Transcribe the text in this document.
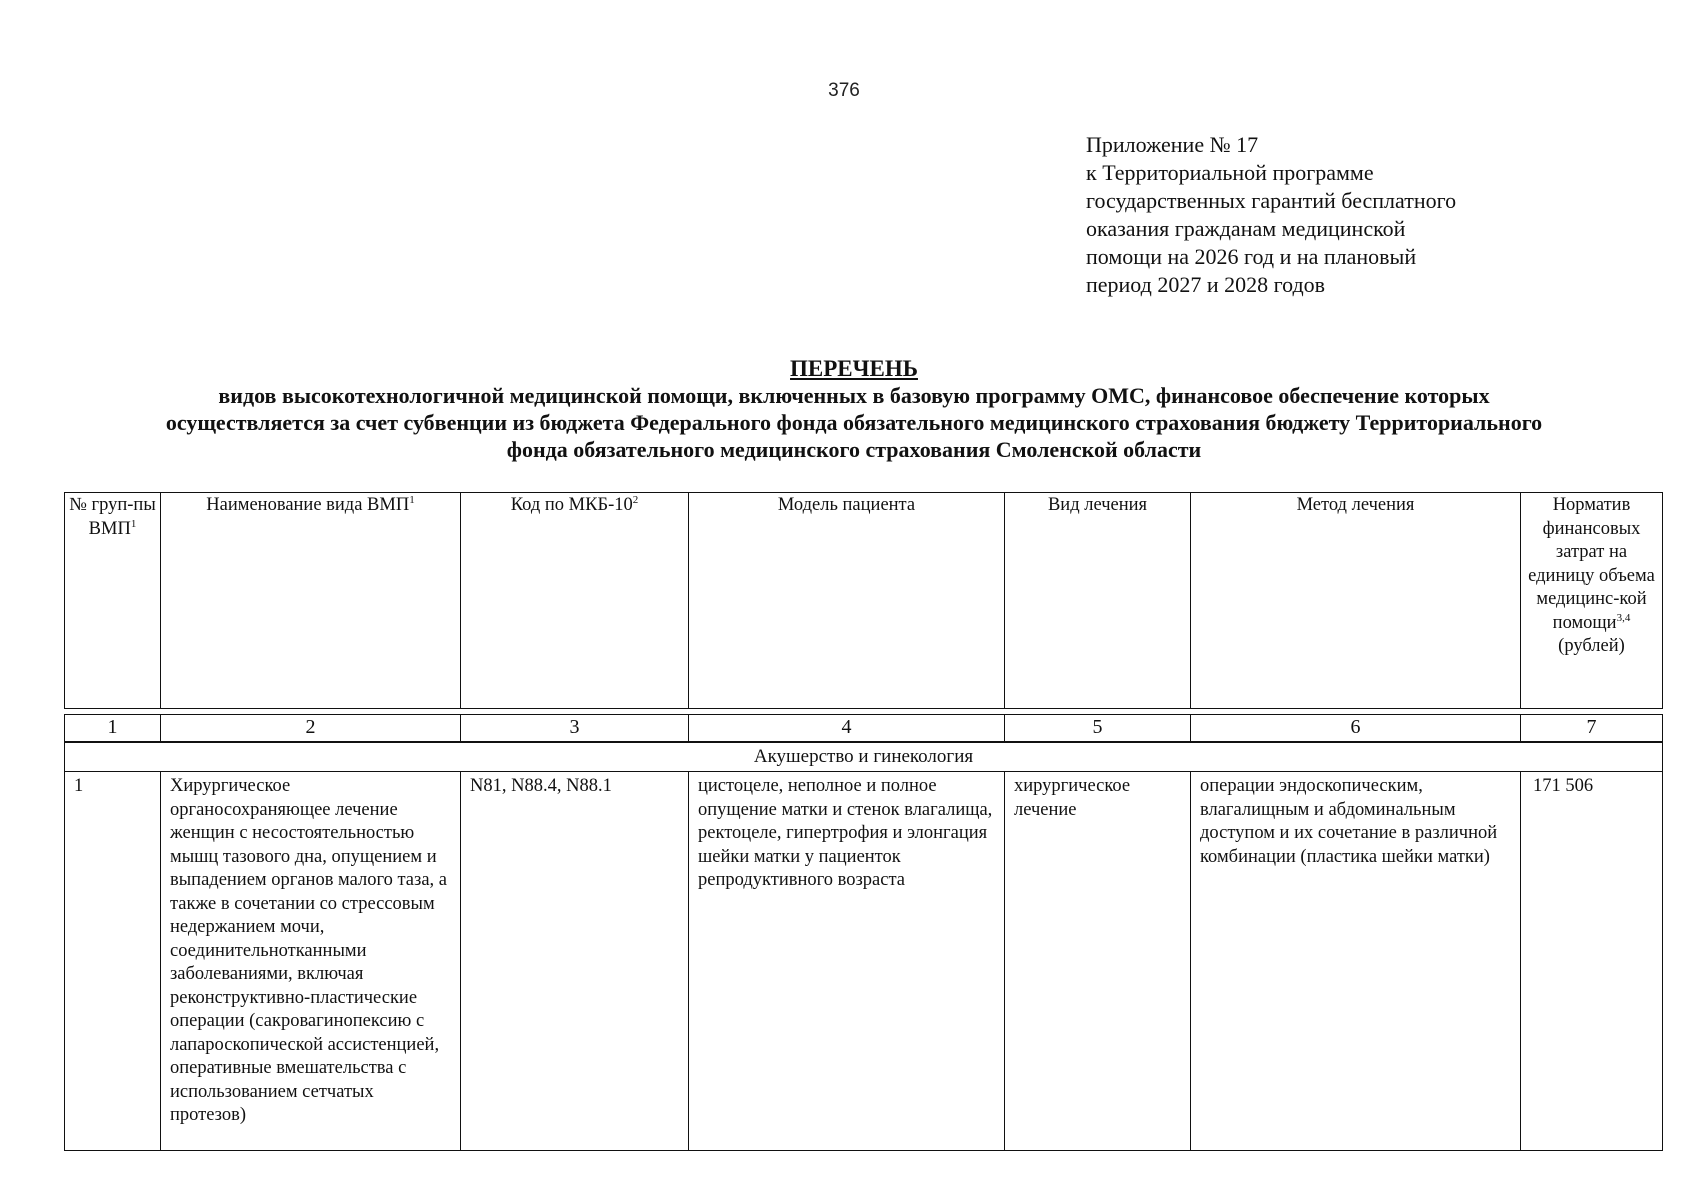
376
Приложение № 17
к Территориальной программе
государственных гарантий бесплатного
оказания гражданам медицинской
помощи на 2026 год и на плановый
период 2027 и 2028 годов
ПЕРЕЧЕНЬ
видов высокотехнологичной медицинской помощи, включенных в базовую программу ОМС, финансовое обеспечение которых
осуществляется за счет субвенции из бюджета Федерального фонда обязательного медицинского страхования бюджету Территориального
фонда обязательного медицинского страхования Смоленской области
№ груп-пы ВМП$^1$	Наименование вида ВМП$^1$	Код по МКБ-$10^2$	Модель пациента	Вид лечения	Метод лечения	Норматив финансовых затрат на единицу объема медицинс-кой помощи$^{3,4}$ (рублей)
1	2	3	4	5	6	7
Акушерство и гинекология
1	Хирургическое органосохраняющее лечение женщин с несостоятельностью мышц тазового дна, опущением и выпадением органов малого таза, а также в сочетании со стрессовым недержанием мочи, соединительнотканными заболеваниями, включая реконструктивно-пластические операции (сакровагинопексию с лапароскопической ассистенцией, оперативные вмешательства с использованием сетчатых протезов)	N81, N88.4, N88.1	цистоцеле, неполное и полное опущение матки и стенок влагалища, ректоцеле, гипертрофия и элонгация шейки матки у пациенток репродуктивного возраста	хирургическое лечение	операции эндоскопическим, влагалищным и абдоминальным доступом и их сочетание в различной комбинации (пластика шейки матки)	171 506
